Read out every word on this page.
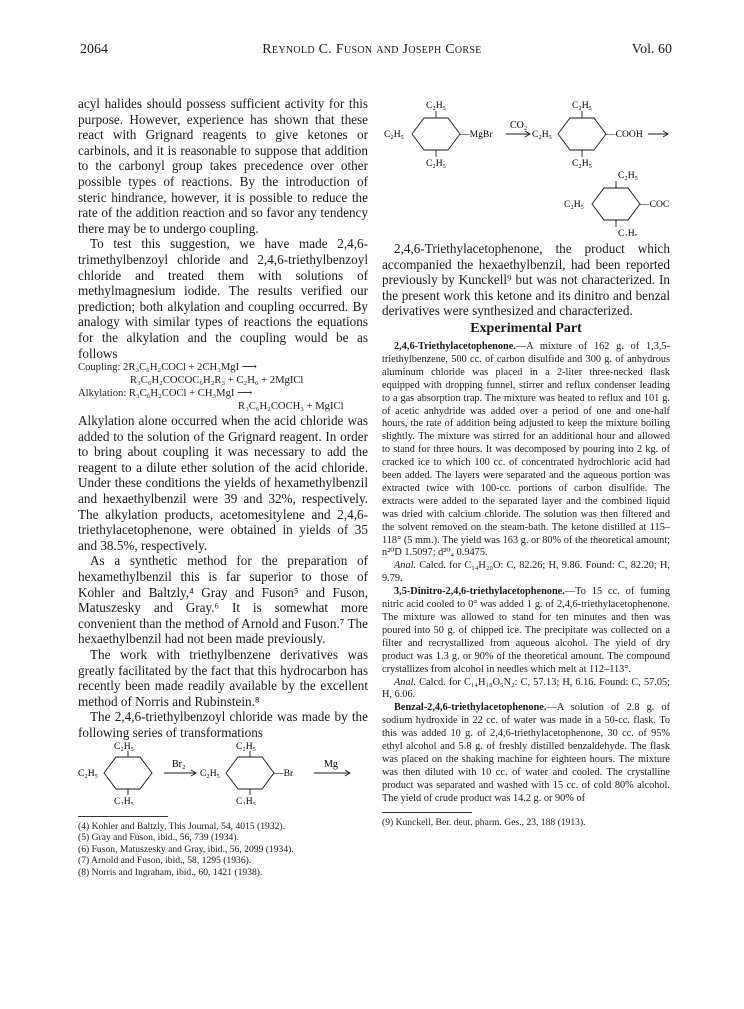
2064	Reynold C. Fuson and Joseph Corse	Vol. 60

acyl halides should possess sufficient activity for this purpose. However, experience has shown that these react with Grignard reagents to give ketones or carbinols, and it is reasonable to suppose that addition to the carbonyl group takes precedence over other possible types of reactions. By the introduction of steric hindrance, however, it is possible to reduce the rate of the addition reaction and so favor any tendency there may be to undergo coupling.

To test this suggestion, we have made 2,4,6-trimethylbenzoyl chloride and 2,4,6-triethylbenzoyl chloride and treated them with solutions of methylmagnesium iodide. The results verified our prediction; both alkylation and coupling occurred. By analogy with similar types of reactions the equations for the alkylation and the coupling would be as follows

Coupling: 2R₃C₆H₂COCl + 2CH₃MgI ⟶
R₃C₆H₂COCOC₆H₂R₃ + C₂H₆ + 2MgICl
Alkylation: R₃C₆H₂COCl + CH₃MgI ⟶
R₃C₆H₂COCH₃ + MgICl

Alkylation alone occurred when the acid chloride was added to the solution of the Grignard reagent. In order to bring about coupling it was necessary to add the reagent to a dilute ether solution of the acid chloride. Under these conditions the yields of hexamethylbenzil and hexaethylbenzil were 39 and 32%, respectively. The alkylation products, acetomesitylene and 2,4,6-triethylacetophenone, were obtained in yields of 35 and 38.5%, respectively.

As a synthetic method for the preparation of hexamethylbenzil this is far superior to those of Kohler and Baltzly,⁴ Gray and Fuson⁵ and Fuson, Matuszesky and Gray.⁶ It is somewhat more convenient than the method of Arnold and Fuson.⁷ The hexaethylbenzil had not been made previously.

The work with triethylbenzene derivatives was greatly facilitated by the fact that this hydrocarbon has recently been made readily available by the excellent method of Norris and Rubinstein.⁸

The 2,4,6-triethylbenzoyl chloride was made by the following series of transformations

C₂H₅
C₂H₅
C₂H₅
Br₂
C₂H₅
C₂H₅
C₂H₅
—Br
Mg

(4) Kohler and Baltzly, This Journal, 54, 4015 (1932).

(5) Gray and Fuson, ibid., 56, 739 (1934).

(6) Fuson, Matuszesky and Gray, ibid., 56, 2099 (1934).

(7) Arnold and Fuson, ibid., 58, 1295 (1936).

(8) Norris and Ingraham, ibid., 60, 1421 (1938).

C₂H₅
C₂H₅
C₂H₅	—MgBr
CO₂
C₂H₅
C₂H₅
C₂H₅
—COOH
C₂H₅
C₂H₅
C₂H₅	—COCl

2,4,6-Triethylacetophenone, the product which accompanied the hexaethylbenzil, had been reported previously by Kunckell⁹ but was not characterized. In the present work this ketone and its dinitro and benzal derivatives were synthesized and characterized.

Experimental Part

2,4,6-Triethylacetophenone.—A mixture of 162 g. of 1,3,5-triethylbenzene, 500 cc. of carbon disulfide and 300 g. of anhydrous aluminum chloride was placed in a 2-liter three-necked flask equipped with dropping funnel, stirrer and reflux condenser leading to a gas absorption trap. The mixture was heated to reflux and 101 g. of acetic anhydride was added over a period of one and one-half hours, the rate of addition being adjusted to keep the mixture boiling slightly. The mixture was stirred for an additional hour and allowed to stand for three hours. It was decomposed by pouring into 2 kg. of cracked ice to which 100 cc. of concentrated hydrochloric acid had been added. The layers were separated and the aqueous portion was extracted twice with 100-cc. portions of carbon disulfide. The extracts were added to the separated layer and the combined liquid was dried with calcium chloride. The solution was then filtered and the solvent removed on the steam-bath. The ketone distilled at 115–118° (5 mm.). The yield was 163 g. or 80% of the theoretical amount; n²⁰D 1.5097; d²⁰₄ 0.9475.

Anal. Calcd. for C₁₄H₂₀O: C, 82.26; H, 9.86. Found: C, 82.20; H, 9.79.

3,5-Dinitro-2,4,6-triethylacetophenone.—To 15 cc. of fuming nitric acid cooled to 0° was added 1 g. of 2,4,6-triethylacetophenone. The mixture was allowed to stand for ten minutes and then was poured into 50 g. of chipped ice. The precipitate was collected on a filter and recrystallized from aqueous alcohol. The yield of dry product was 1.3 g. or 90% of the theoretical amount. The compound crystallizes from alcohol in needles which melt at 112–113°.

Anal. Calcd. for C₁₄H₁₈O₅N₂: C, 57.13; H, 6.16. Found: C, 57.05; H, 6.06.

Benzal-2,4,6-triethylacetophenone.—A solution of 2.8 g. of sodium hydroxide in 22 cc. of water was made in a 50-cc. flask. To this was added 10 g. of 2,4,6-triethylacetophenone, 30 cc. of 95% ethyl alcohol and 5.8 g. of freshly distilled benzaldehyde. The flask was placed on the shaking machine for eighteen hours. The mixture was then diluted with 10 cc. of water and cooled. The crystalline product was separated and washed with 15 cc. of cold 80% alcohol. The yield of crude product was 14.2 g. or 90% of

(9) Kunckell, Ber. deut. pharm. Ges., 23, 188 (1913).
